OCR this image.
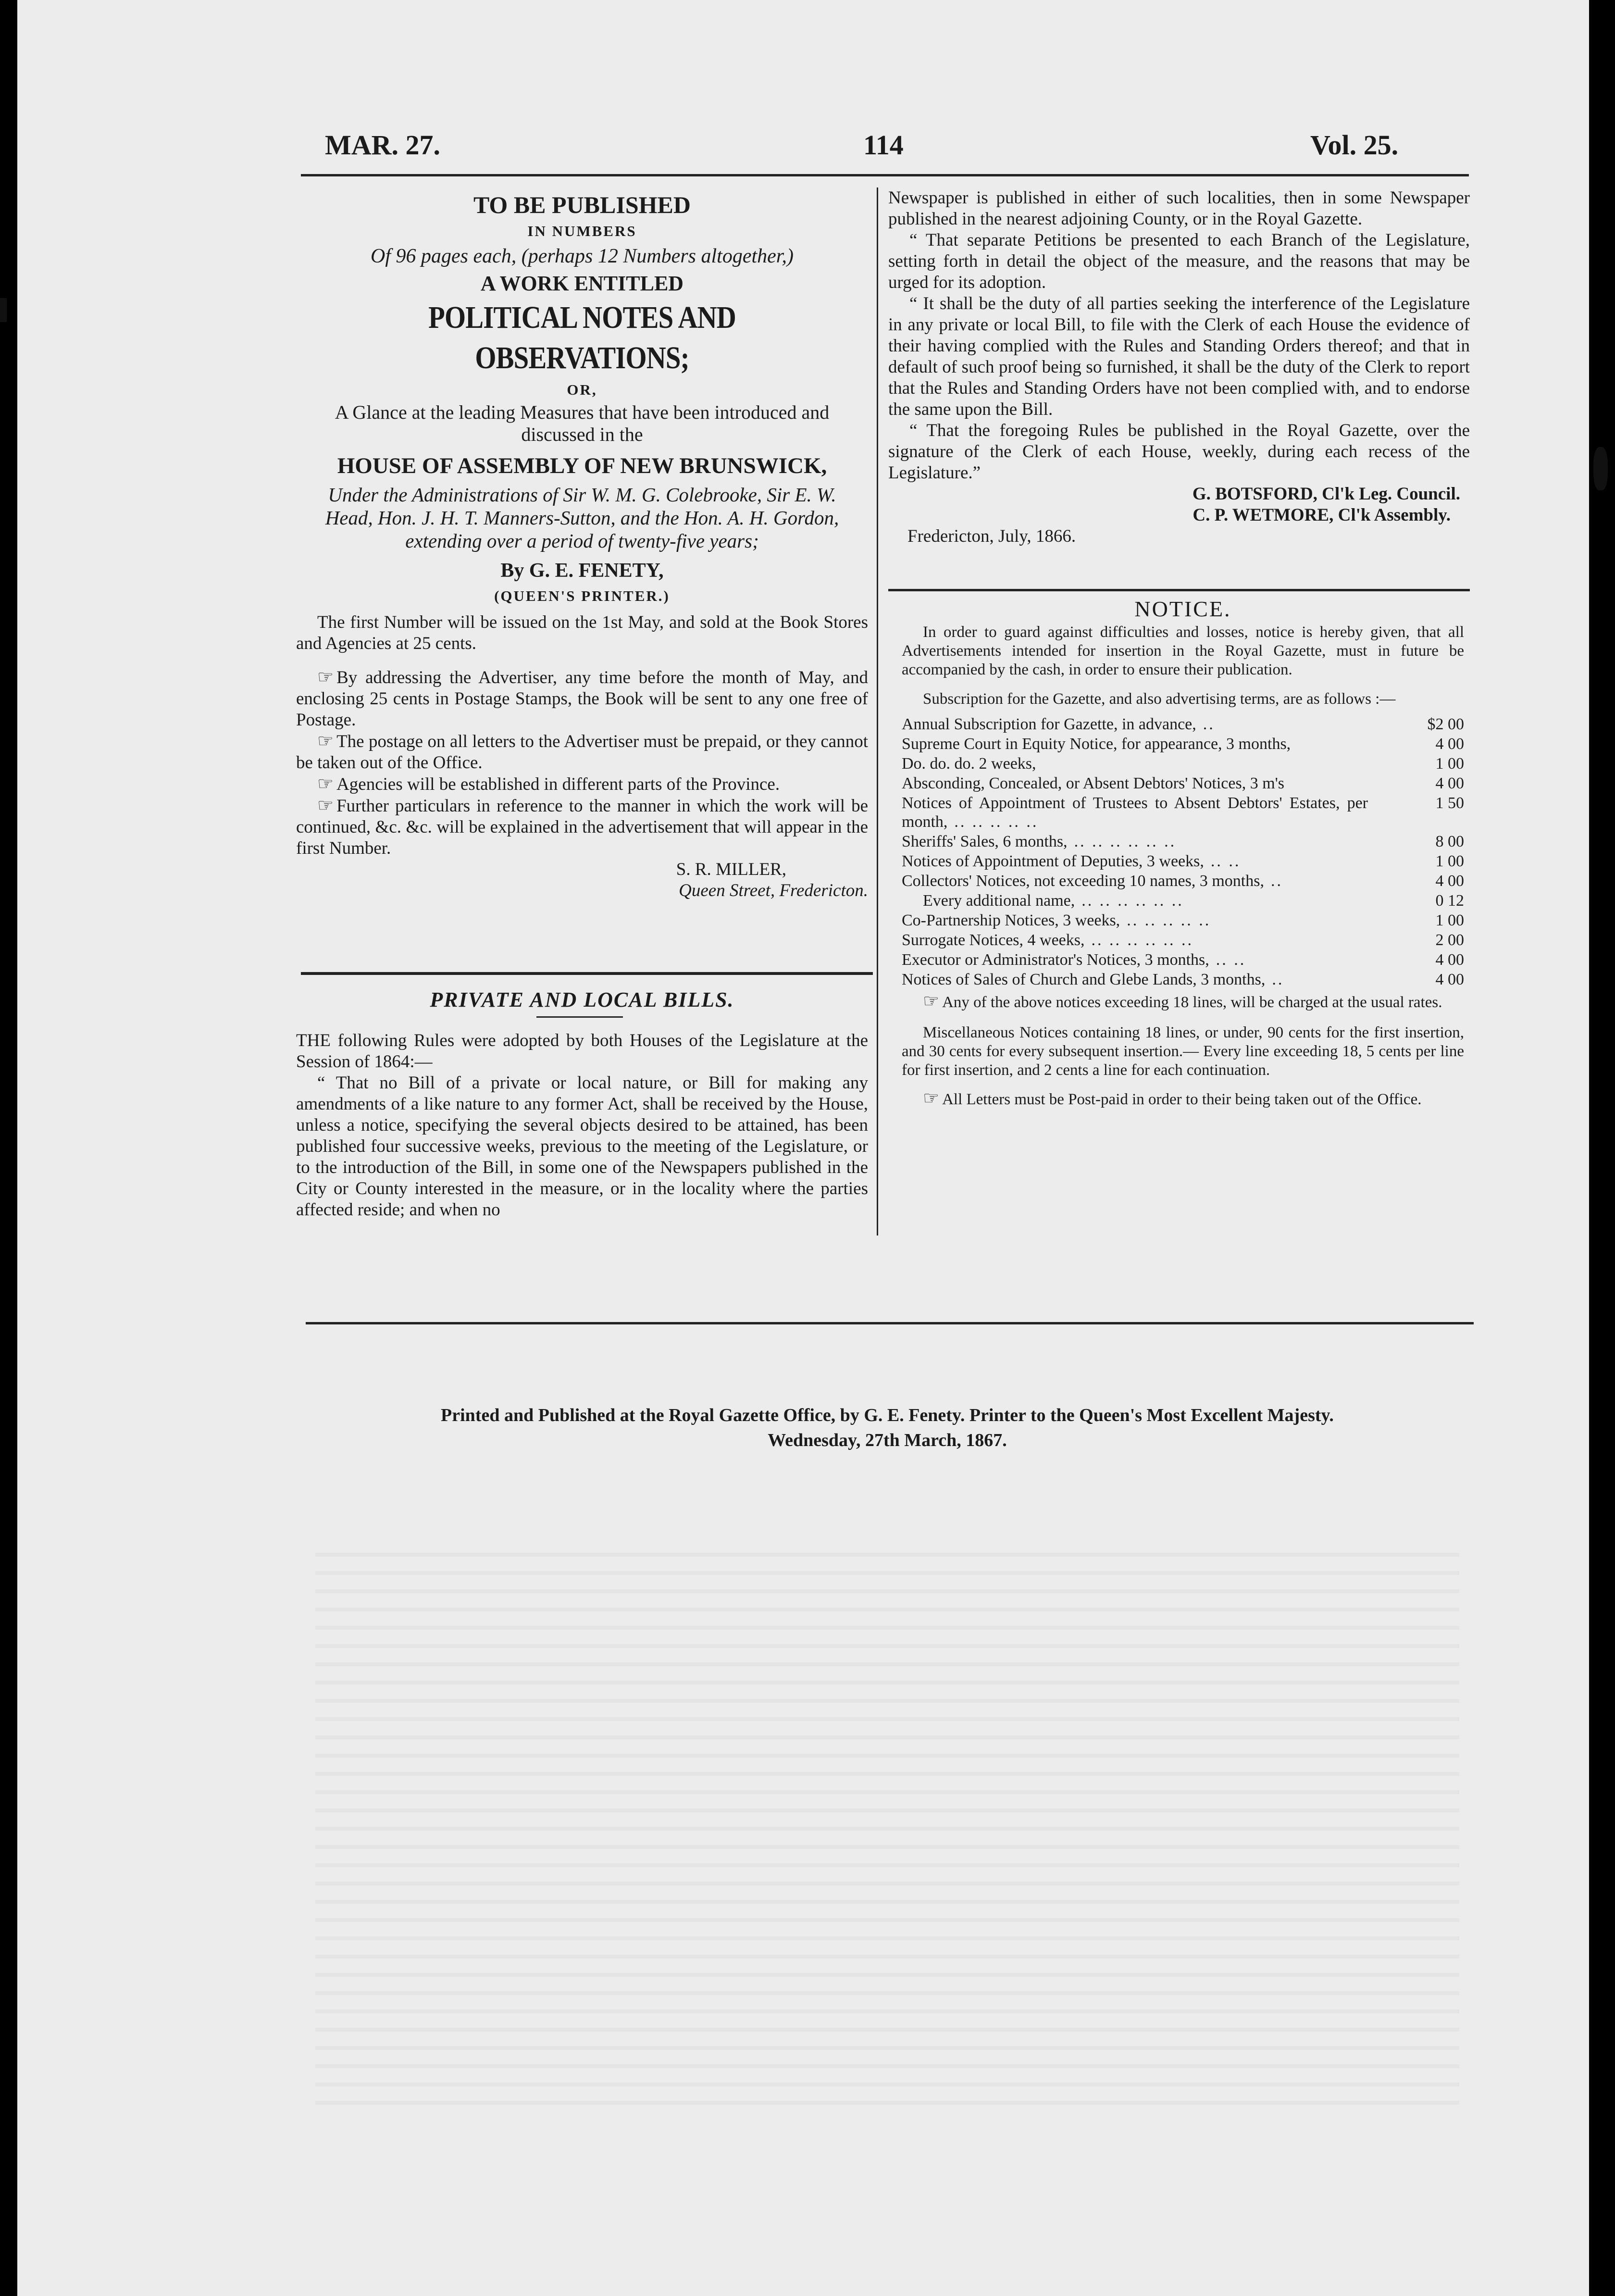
MAR. 27.	114	Vol. 25.

TO BE PUBLISHED

IN NUMBERS

Of 96 pages each, (perhaps 12 Numbers altogether,)

A WORK ENTITLED

POLITICAL NOTES AND OBSERVATIONS;

OR,

A Glance at the leading Measures that have been introduced and discussed in the

HOUSE OF ASSEMBLY OF NEW BRUNSWICK,

Under the Administrations of Sir W. M. G. Colebrooke, Sir E. W. Head, Hon. J. H. T. Manners-Sutton, and the Hon. A. H. Gordon, extending over a period of twenty-five years;

By G. E. FENETY,

(QUEEN'S PRINTER.)

The first Number will be issued on the 1st May, and sold at the Book Stores and Agencies at 25 cents.

☞ By addressing the Advertiser, any time before the month of May, and enclosing 25 cents in Postage Stamps, the Book will be sent to any one free of Postage.

☞ The postage on all letters to the Advertiser must be prepaid, or they cannot be taken out of the Office.

☞ Agencies will be established in different parts of the Province.

☞ Further particulars in reference to the manner in which the work will be continued, &c. &c. will be explained in the advertisement that will appear in the first Number.

S. R. MILLER,

Queen Street, Fredericton.

PRIVATE AND LOCAL BILLS.

THE following Rules were adopted by both Houses of the Legislature at the Session of 1864:—

“ That no Bill of a private or local nature, or Bill for making any amendments of a like nature to any former Act, shall be received by the House, unless a notice, specifying the several objects desired to be attained, has been published four successive weeks, previous to the meeting of the Legislature, or to the introduction of the Bill, in some one of the Newspapers published in the City or County interested in the measure, or in the locality where the parties affected reside; and when no

Newspaper is published in either of such localities, then in some Newspaper published in the nearest adjoining County, or in the Royal Gazette.

“ That separate Petitions be presented to each Branch of the Legislature, setting forth in detail the object of the measure, and the reasons that may be urged for its adoption.

“ It shall be the duty of all parties seeking the interference of the Legislature in any private or local Bill, to file with the Clerk of each House the evidence of their having complied with the Rules and Standing Orders thereof; and that in default of such proof being so furnished, it shall be the duty of the Clerk to report that the Rules and Standing Orders have not been complied with, and to endorse the same upon the Bill.

“ That the foregoing Rules be published in the Royal Gazette, over the signature of the Clerk of each House, weekly, during each recess of the Legislature.”

G. BOTSFORD, Cl'k Leg. Council.

C. P. WETMORE, Cl'k Assembly.

Fredericton, July, 1866.

NOTICE.

In order to guard against difficulties and losses, notice is hereby given, that all Advertisements intended for insertion in the Royal Gazette, must in future be accompanied by the cash, in order to ensure their publication.

Subscription for the Gazette, and also advertising terms, are as follows :—

Annual Subscription for Gazette, in advance, ..	$2 00
Supreme Court in Equity Notice, for appearance, 3 months,	4 00
Do. do. do. 2 weeks,	1 00
Absconding, Concealed, or Absent Debtors' Notices, 3 m's	4 00
Notices of Appointment of Trustees to Absent Debtors' Estates, per month, .. .. .. .. ..	1 50
Sheriffs' Sales, 6 months, .. .. .. .. .. ..	8 00
Notices of Appointment of Deputies, 3 weeks, .. ..	1 00
Collectors' Notices, not exceeding 10 names, 3 months, ..	4 00
Every additional name, .. .. .. .. .. ..	0 12
Co-Partnership Notices, 3 weeks, .. .. .. .. ..	1 00
Surrogate Notices, 4 weeks, .. .. .. .. .. ..	2 00
Executor or Administrator's Notices, 3 months, .. ..	4 00
Notices of Sales of Church and Glebe Lands, 3 months, ..	4 00

☞ Any of the above notices exceeding 18 lines, will be charged at the usual rates.

Miscellaneous Notices containing 18 lines, or under, 90 cents for the first insertion, and 30 cents for every subsequent insertion.— Every line exceeding 18, 5 cents per line for first insertion, and 2 cents a line for each continuation.

☞ All Letters must be Post-paid in order to their being taken out of the Office.

Printed and Published at the Royal Gazette Office, by G. E. Fenety. Printer to the Queen's Most Excellent Majesty.
Wednesday, 27th March, 1867.
